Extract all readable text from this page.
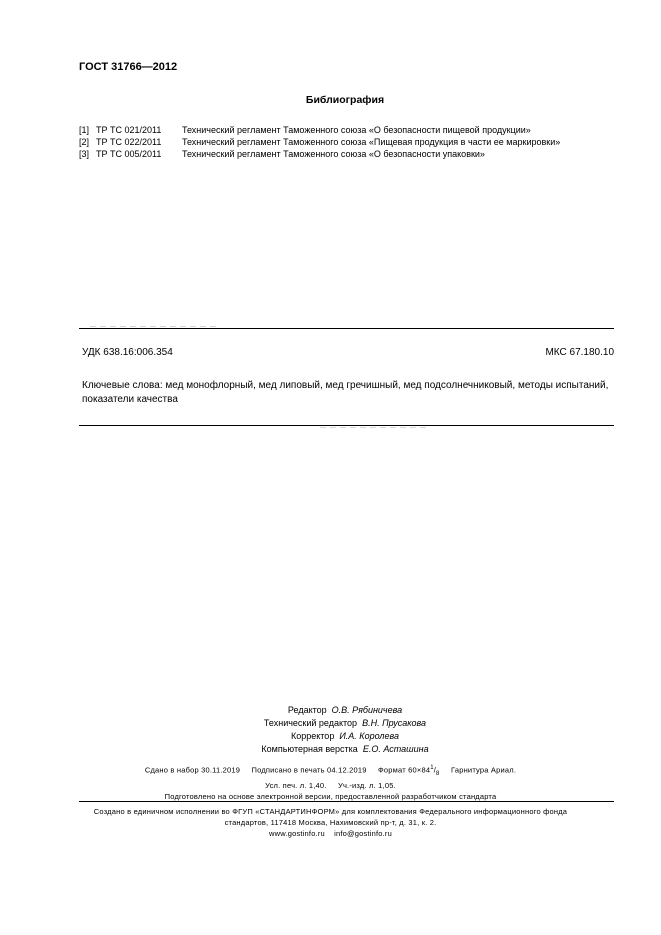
ГОСТ 31766—2012
Библиография
[1] ТР ТС 021/2011 Технический регламент Таможенного союза «О безопасности пищевой продукции»
[2] ТР ТС 022/2011 Технический регламент Таможенного союза «Пищевая продукция в части ее маркировки»
[3] ТР ТС 005/2011 Технический регламент Таможенного союза «О безопасности упаковки»
УДК 638.16:006.354	МКС 67.180.10
Ключевые слова: мед монофлорный, мед липовый, мед гречишный, мед подсолнечниковый, методы испытаний, показатели качества
Редактор О.В. Рябиничева
Технический редактор В.Н. Прусакова
Корректор И.А. Королева
Компьютерная верстка Е.О. Асташина
Сдано в набор 30.11.2019     Подписано в печать 04.12.2019     Формат $60\times 84^1/_8$     Гарнитура Ариал.
Усл. печ. л. 1,40.     Уч.-изд. л. 1,05.
Подготовлено на основе электронной версии, предоставленной разработчиком стандарта
Создано в единичном исполнении во ФГУП «СТАНДАРТИНФОРМ» для комплектования Федерального информационного фонда
стандартов, 117418 Москва, Нахимовский пр-т, д. 31, к. 2.
www.gostinfo.ru info@gostinfo.ru
